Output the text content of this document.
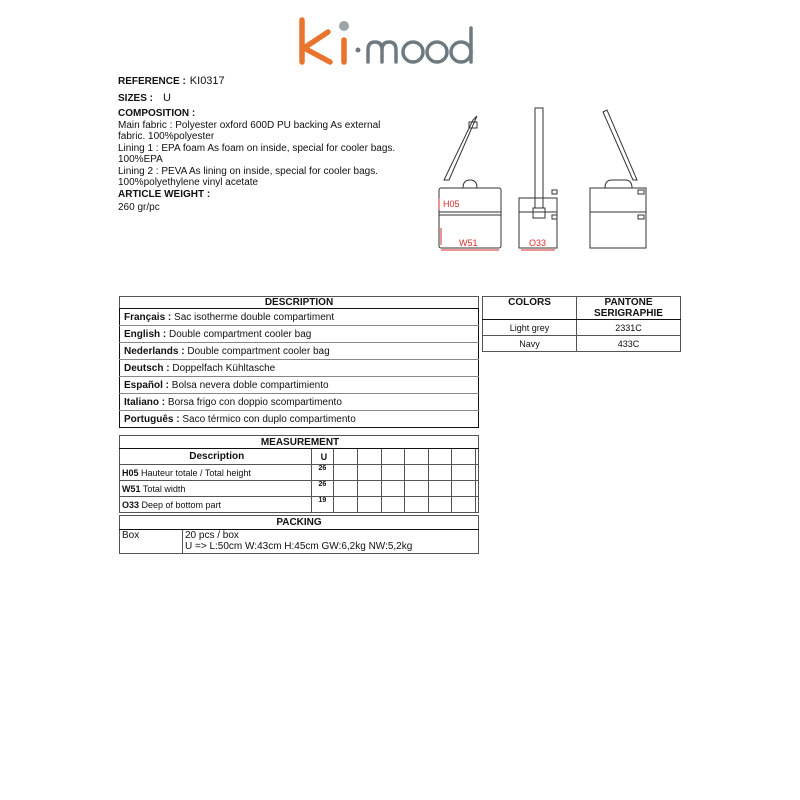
REFERENCE : KI0317
SIZES : U
COMPOSITION :
Main fabric : Polyester oxford 600D PU backing As external
fabric. 100%polyester
Lining 1 : EPA foam As foam on inside, special for cooler bags.
100%EPA
Lining 2 : PEVA As lining on inside, special for cooler bags.
100%polyethylene vinyl acetate
ARTICLE WEIGHT :
260 gr/pc	H05
W51	O33
DESCRIPTION
Français : Sac isotherme double compartiment
English : Double compartment cooler bag
Nederlands : Double compartment cooler bag
Deutsch : Doppelfach Kühltasche
Español : Bolsa nevera doble compartimiento
Italiano : Borsa frigo con doppio scompartimento
Português : Saco térmico con duplo compartimento
COLORS	PANTONE SERIGRAPHIE
Light grey	2331C
Navy	433C
MEASUREMENT								
Description	U							
H05 Hauteur totale / Total height	26							
W51 Total width	26							
O33 Deep of bottom part	19							
PACKING
Box	20 pcs / box
U => L:50cm W:43cm H:45cm GW:6,2kg NW:5,2kg
